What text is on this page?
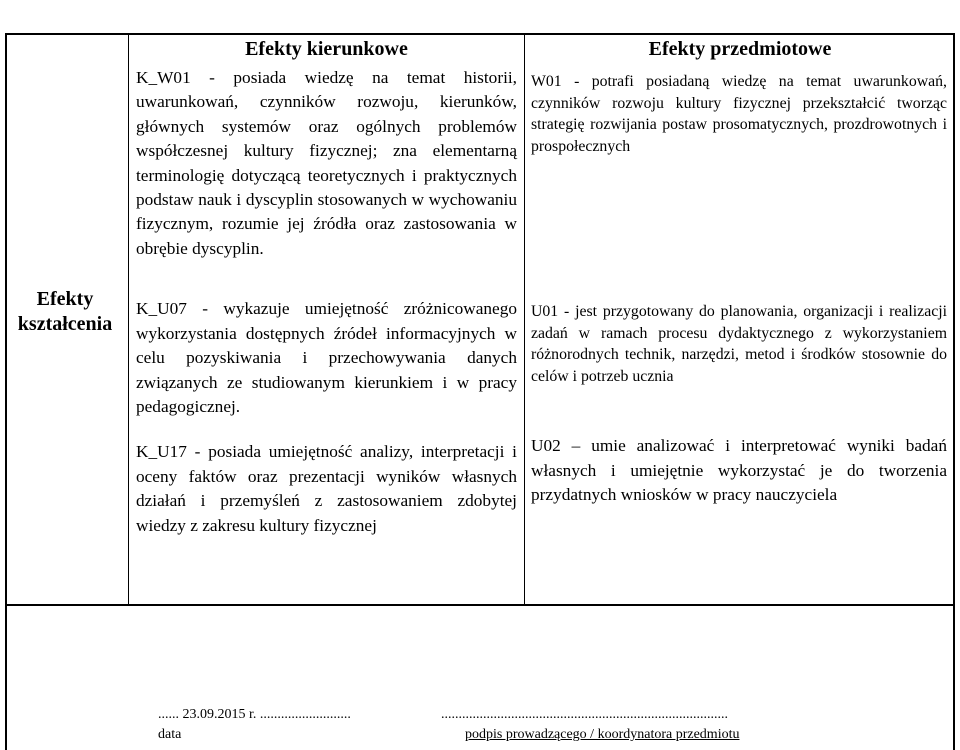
Efekty kierunkowe	Efekty przedmiotowe
Efekty kształcenia
K_W01 - posiada wiedzę na temat historii, uwarunkowań, czynników rozwoju, kierunków, głównych systemów oraz ogólnych problemów współczesnej kultury fizycznej; zna elementarną terminologię dotyczącą teoretycznych i praktycznych podstaw nauk i dyscyplin stosowanych w wychowaniu fizycznym, rozumie jej źródła oraz zastosowania w obrębie dyscyplin.
K_U07 - wykazuje umiejętność zróżnicowanego wykorzystania dostępnych źródeł informacyjnych w celu pozyskiwania i przechowywania danych związanych ze studiowanym kierunkiem i w pracy pedagogicznej.
K_U17 - posiada umiejętność analizy, interpretacji i oceny faktów oraz prezentacji wyników własnych działań i przemyśleń z zastosowaniem zdobytej wiedzy z zakresu kultury fizycznej
W01 - potrafi posiadaną wiedzę na temat uwarunkowań, czynników rozwoju kultury fizycznej przekształcić tworząc strategię rozwijania postaw prosomatycznych, prozdrowotnych i prospołecznych
U01 - jest przygotowany do planowania, organizacji i realizacji zadań w ramach procesu dydaktycznego z wykorzystaniem różnorodnych technik, narzędzi, metod i środków stosownie do celów i potrzeb ucznia
U02 – umie analizować i interpretować wyniki badań własnych i umiejętnie wykorzystać je do tworzenia przydatnych wniosków w pracy nauczyciela
...... 23.09.2015 r. ..........................
data
..................................................................................
podpis prowadzącego / koordynatora przedmiotu
